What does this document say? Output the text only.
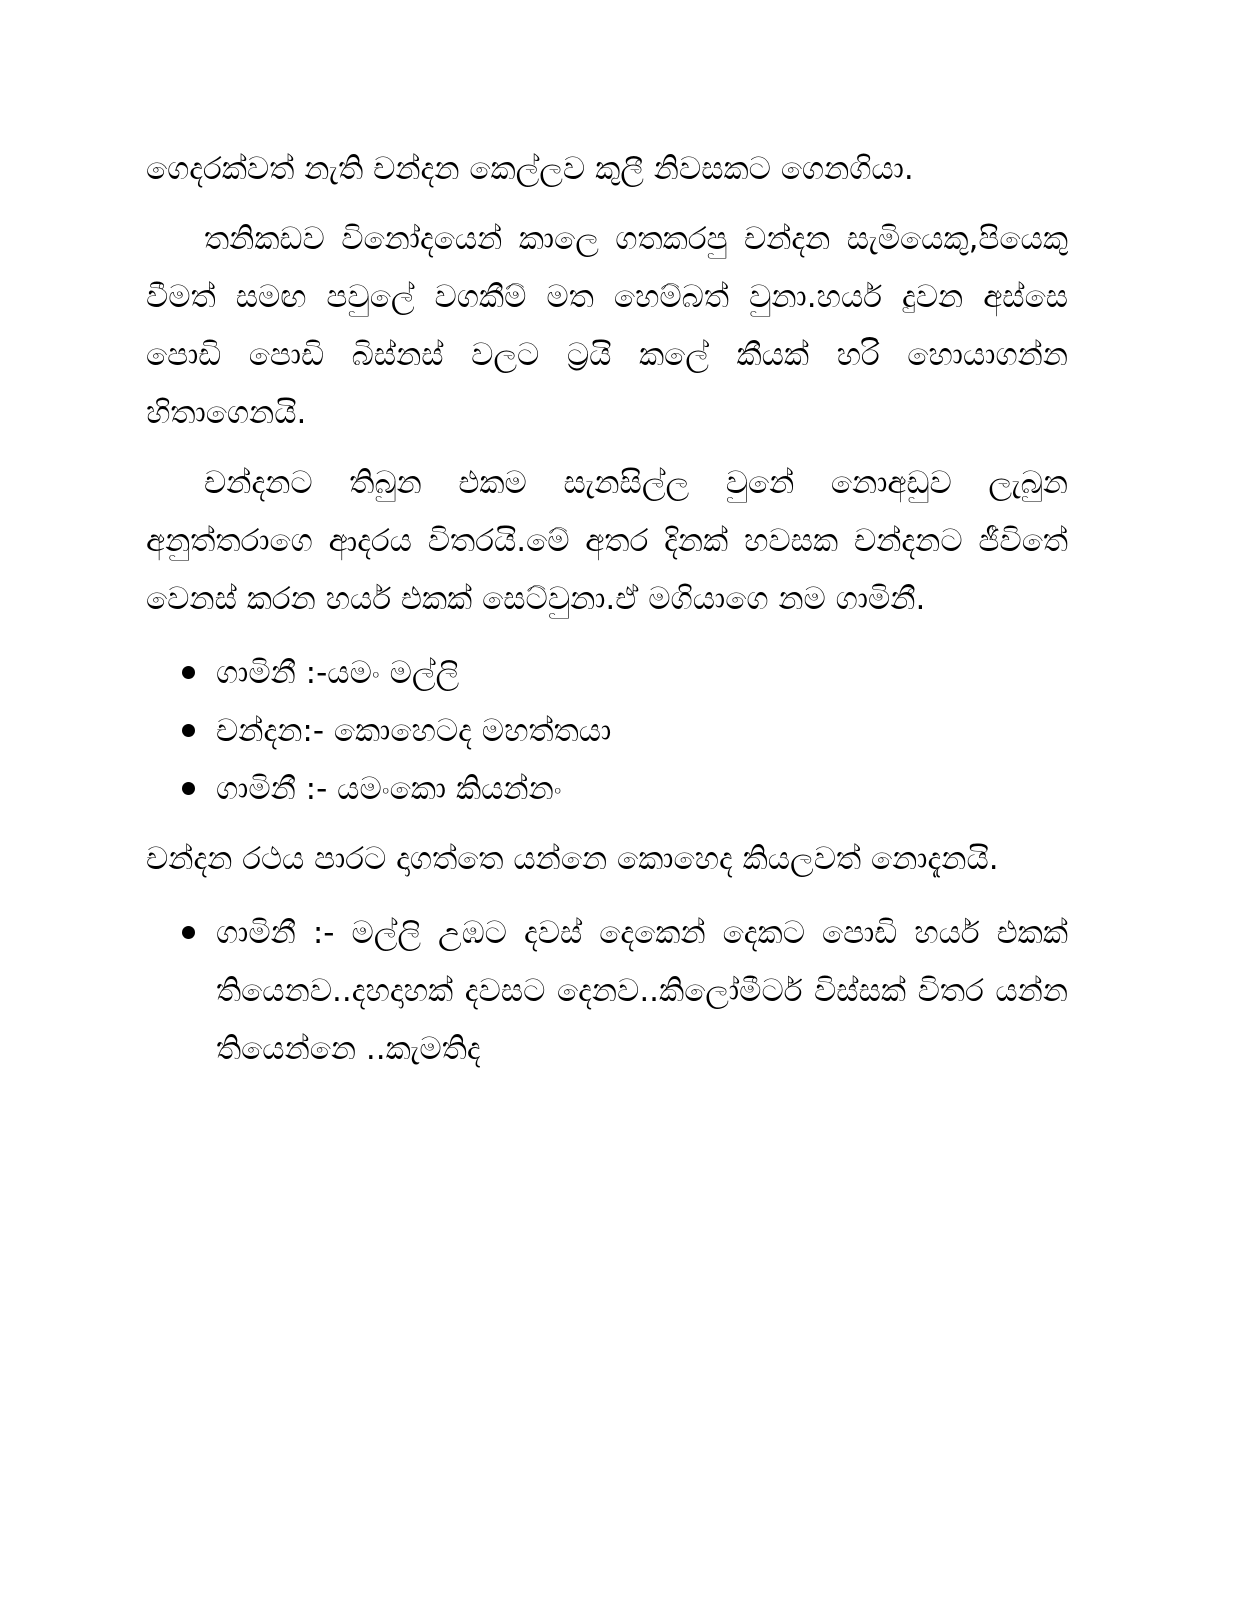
ගෙදරක්වත් නැති චන්දන කෙල්ලව කුලී නිවසකට ගෙනගියා.

තනිකඩව විනෝදයෙන් කාලෙ ගතකරපු චන්දන සැමියෙකු,පියෙකු වීමත් සමඟ පවුලේ වගකීම් මත හෙම්බත් වුනා.හයර් දුවන අස්සෙ පොඩි පොඩි බිස්නස් වලට ට්‍රයි කලේ කීයක් හරි හොයාගන්න හිතාගෙනයි.

චන්දනට තිබුන එකම සැනසිල්ල වුනේ නොඅඩුව ලැබුන අනුත්තරාගෙ ආදරය විතරයි.මේ අතර දිනක් හවසක චන්දනට ජීවිතේ වෙනස් කරන හයර් එකක් සෙට්වුනා.ඒ මගියාගෙ නම ගාමිනී.

ගාමිනී :-යමං මල්ලි
චන්දන:- කොහෙටද මහත්තයා
ගාමිනී :- යමංකො කියන්නං

චන්දන රථය පාරට දාගත්තෙ යන්නෙ කොහෙද කියලවත් නොදැනයි.

ගාමිනී :- මල්ලි උඹට දවස් දෙකෙන් දෙකට පොඩි හයර් එකක් තියෙනව..දහදාහක් දවසට දෙනව..කිලෝමීටර් විස්සක් විතර යන්න තියෙන්නෙ ..කැමතිද
